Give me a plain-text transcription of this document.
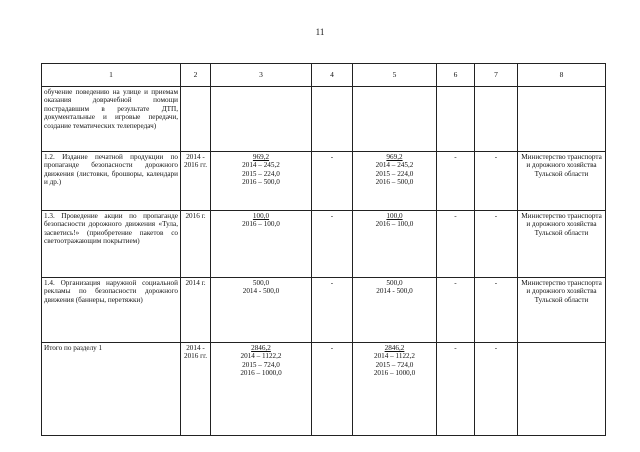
11
1	2	3	4	5	6	7	8
обучение поведению на улице и приемам оказания доврачебной помощи пострадавшим в результате ДТП, документальные и игровые передачи, создание тематических телепередач)							
1.2. Издание печатной продукции по пропаганде безопасности дорожного движения (листовки, брошюры, календари и др.)	2014 - 2016 гг.	969,2
2014 – 245,2
2015 – 224,0
2016 – 500,0	-	969,2
2014 – 245,2
2015 – 224,0
2016 – 500,0	-	-	Министерство транспорта и дорожного хозяйства Тульской области
1.3. Проведение акции по пропаганде безопасности дорожного движения «Тула, засветись!» (приобретение пакетов со светоотражающим покрытием)	2016 г.	100,0
2016 – 100,0	-	100,0
2016 – 100,0	-	-	Министерство транспорта и дорожного хозяйства Тульской области
1.4. Организация наружной социальной рекламы по безопасности дорожного движения (баннеры, перетяжки)	2014 г.	500,0
2014 - 500,0	-	500,0
2014 - 500,0	-	-	Министерство транспорта и дорожного хозяйства Тульской области
Итого по разделу 1	2014 - 2016 гг.	2846,2
2014 – 1122,2
2015 – 724,0
2016 – 1000,0	-	2846,2
2014 – 1122,2
2015 – 724,0
2016 – 1000,0	-	-	
